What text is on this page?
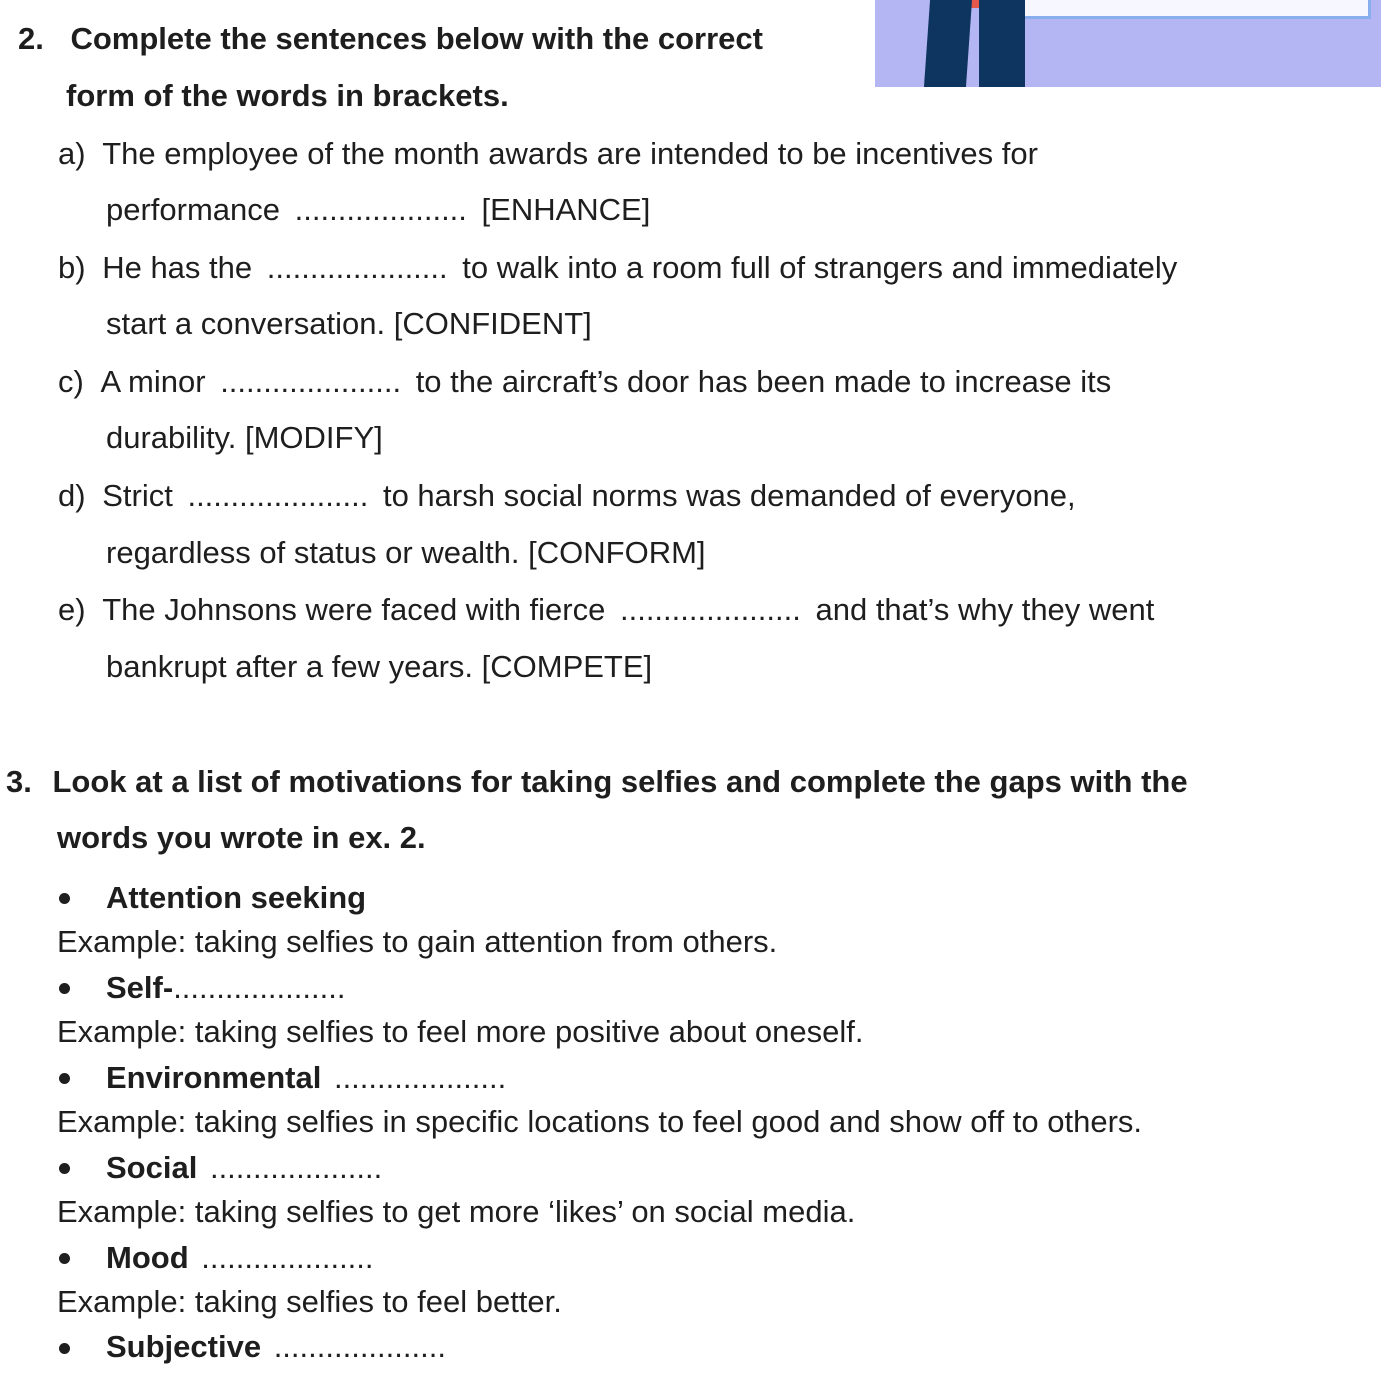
2. Complete the sentences below with the correct
form of the words in brackets.
a) The employee of the month awards are intended to be incentives for
performance .................... [ENHANCE]
b) He has the ..................... to walk into a room full of strangers and immediately
start a conversation. [CONFIDENT]
c) A minor ..................... to the aircraft’s door has been made to increase its
durability. [MODIFY]
d) Strict ..................... to harsh social norms was demanded of everyone,
regardless of status or wealth. [CONFORM]
e) The Johnsons were faced with fierce ..................... and that’s why they went
bankrupt after a few years. [COMPETE]
3. Look at a list of motivations for taking selfies and complete the gaps with the
words you wrote in ex. 2.
Attention seeking
Example: taking selfies to gain attention from others.
Self-....................
Example: taking selfies to feel more positive about oneself.
Environmental ....................
Example: taking selfies in specific locations to feel good and show off to others.
Social ....................
Example: taking selfies to get more ‘likes’ on social media.
Mood ....................
Example: taking selfies to feel better.
Subjective ....................
